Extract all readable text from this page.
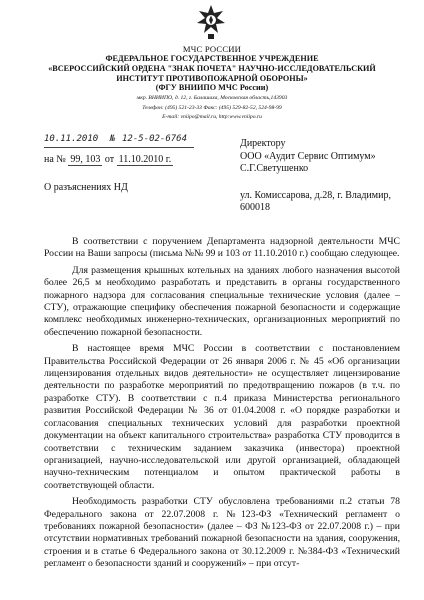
МЧС РОССИИ

ФЕДЕРАЛЬНОЕ ГОСУДАРСТВЕННОЕ УЧРЕЖДЕНИЕ

«ВСЕРОССИЙСКИЙ ОРДЕНА "ЗНАК ПОЧЕТА" НАУЧНО-ИССЛЕДОВАТЕЛЬСКИЙ

ИНСТИТУТ ПРОТИВОПОЖАРНОЙ ОБОРОНЫ»

(ФГУ ВНИИПО МЧС России)

мкр. ВНИИПО, д. 12, г. Балашиха, Московская область,143903

Телефон: (495) 521-23-33 Факс: (495) 529-82-52, 524-98-99

E-mail: vniipo@mail.ru, http:www.vniipo.ru

10.11.2010 № 12-5-02-6764
на № 99, 103 от 11.10.2010 г.
О разъяснениях НД
Директору
ООО «Аудит Сервис Оптимум»
С.Г.Светушенко
ул. Комиссарова, д.28, г. Владимир,
600018

В соответствии с поручением Департамента надзорной деятельности МЧС России на Ваши запросы (письма №№ 99 и 103 от 11.10.2010 г.) сообщаю следующее.

Для размещения крышных котельных на зданиях любого назначения высотой более 26,5 м необходимо разработать и представить в органы государственного пожарного надзора для согласования специальные технические условия (далее – СТУ), отражающие специфику обеспечения пожарной безопасности и содержащие комплекс необходимых инженерно-технических, организационных мероприятий по обеспечению пожарной безопасности.

В настоящее время МЧС России в соответствии с постановлением Правительства Российской Федерации от 26 января 2006 г. № 45 «Об организации лицензирования отдельных видов деятельности» не осуществляет лицензирование деятельности по разработке мероприятий по предотвращению пожаров (в т.ч. по разработке СТУ). В соответствии с п.4 приказа Министерства регионального развития Российской Федерации № 36 от 01.04.2008 г. «О порядке разработки и согласования специальных технических условий для разработки проектной документации на объект капитального строительства» разработка СТУ проводится в соответствии с техническим заданием заказчика (инвестора) проектной организацией, научно-исследовательской или другой организацией, обладающей научно-техническим потенциалом и опытом практической работы в соответствующей области.

Необходимость разработки СТУ обусловлена требованиями п.2 статьи 78 Федерального закона от 22.07.2008 г. №123-ФЗ «Технический регламент о требованиях пожарной безопасности» (далее – ФЗ №123-ФЗ от 22.07.2008 г.) – при отсутствии нормативных требований пожарной безопасности на здания, сооружения, строения и в статье 6 Федерального закона от 30.12.2009 г. №384-ФЗ «Технический регламент о безопасности зданий и сооружений» – при отсут-
